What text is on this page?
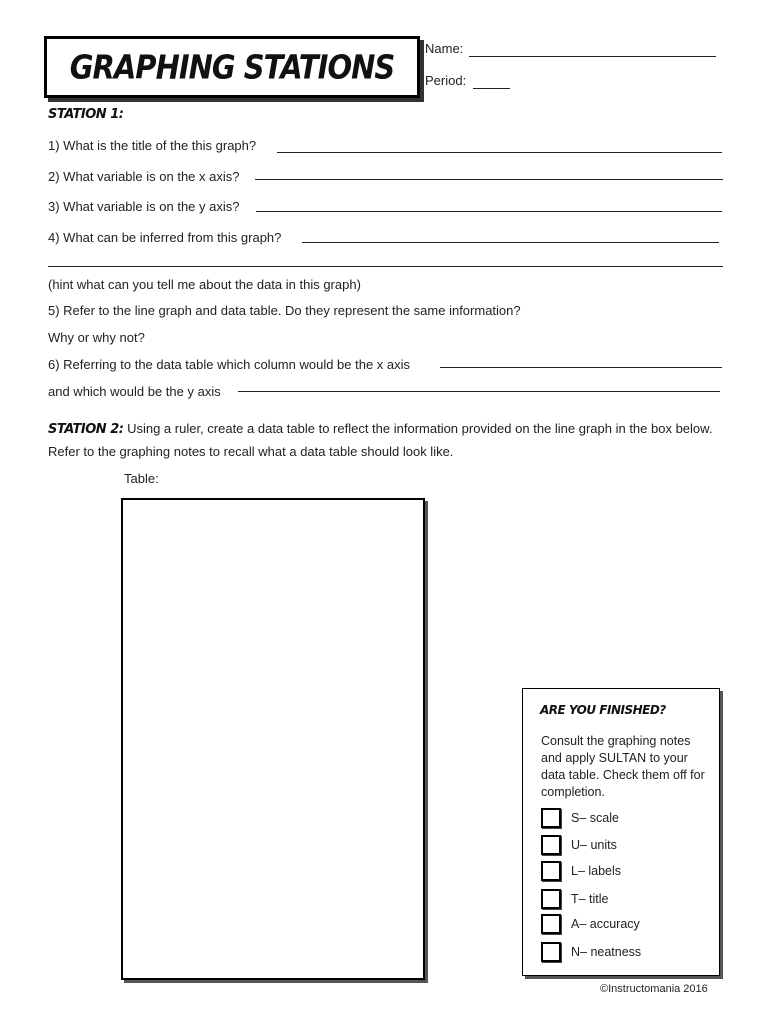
GRAPHING STATIONS Name:
Period:
STATION 1:
1) What is the title of the this graph?
2) What variable is on the x axis?
3) What variable is on the y axis?
4) What can be inferred from this graph?
(hint what can you tell me about the data in this graph)
5) Refer to the line graph and data table. Do they represent the same information?
Why or why not?
6) Referring to the data table which column would be the x axis
and which would be the y axis
STATION 2: Using a ruler, create a data table to reflect the information provided on the line graph in the box below. Refer to the graphing notes to recall what a data table should look like.
Table:
ARE YOU FINISHED?
Consult the graphing notes and apply SULTAN to your data table. Check them off for completion.
S– scale
U– units
L– labels
T– title
A– accuracy
N– neatness
©Instructomania 2016
